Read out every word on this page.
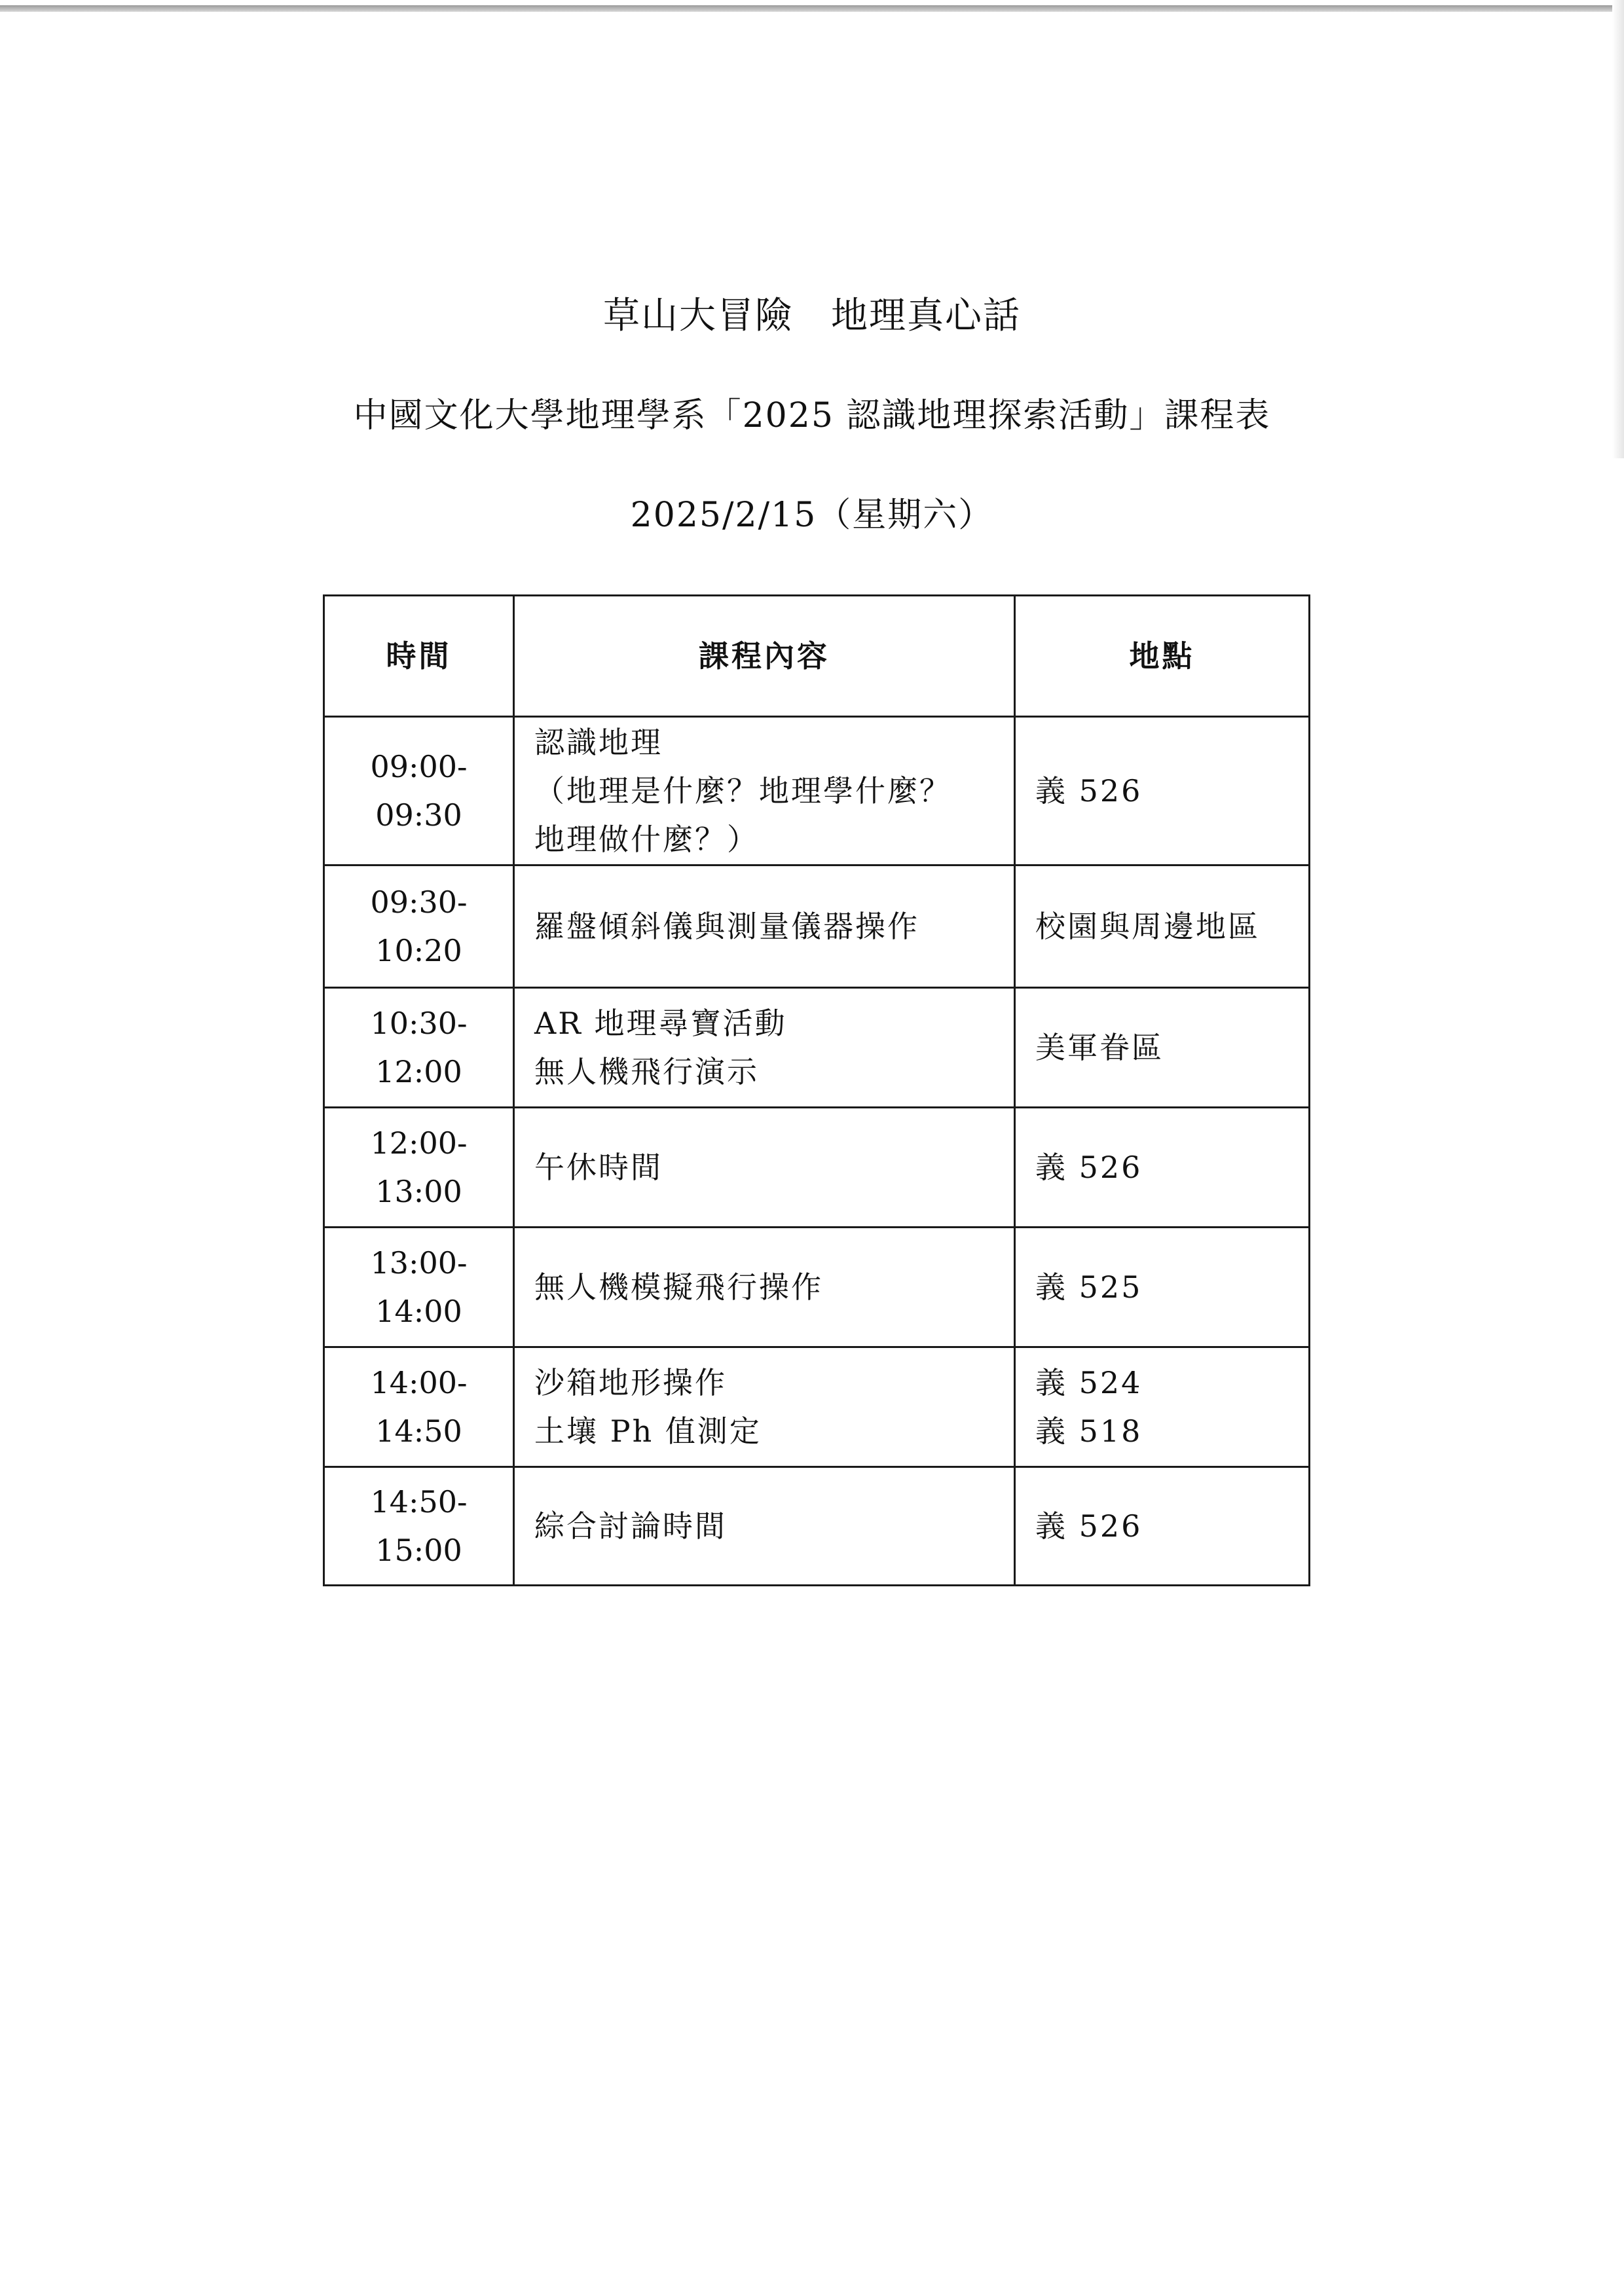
草山大冒險　地理真心話
中國文化大學地理學系「2025 認識地理探索活動」課程表
2025/2/15（星期六）
時間	課程內容	地點

09:00-
09:30	認識地理
（地理是什麼？地理學什麼？
地理做什麼？）	義 526

09:30-
10:20	羅盤傾斜儀與測量儀器操作	校園與周邊地區

10:30-
12:00	AR 地理尋寶活動
無人機飛行演示	美軍眷區

12:00-
13:00	午休時間	義 526

13:00-
14:00	無人機模擬飛行操作	義 525

14:00-
14:50	沙箱地形操作
土壤 Ph 值測定	義 524
義 518

14:50-
15:00	綜合討論時間	義 526
